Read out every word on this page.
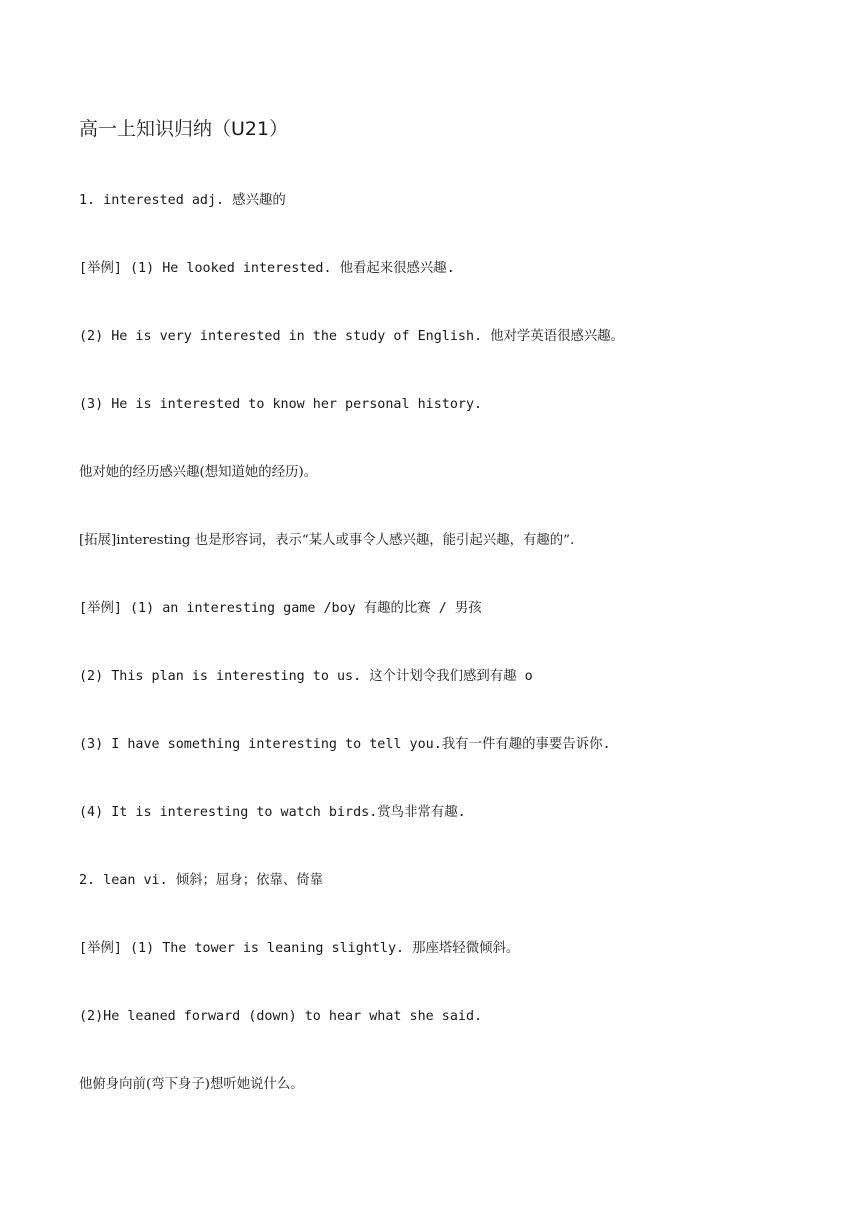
高一上知识归纳（U21）
1. interested adj. 感兴趣的
[举例] (1) He looked interested. 他看起来很感兴趣.
(2) He is very interested in the study of English. 他对学英语很感兴趣。
(3) He is interested to know her personal history.
他对她的经历感兴趣(想知道她的经历)。
[拓展]interesting 也是形容词，表示“某人或事令人感兴趣，能引起兴趣，有趣的”.
[举例] (1) an interesting game /boy 有趣的比赛 / 男孩
(2) This plan is interesting to us. 这个计划令我们感到有趣 o
(3) I have something interesting to tell you.我有一件有趣的事要告诉你.
(4) It is interesting to watch birds.赏鸟非常有趣.
2. lean vi. 倾斜；屈身；依靠、倚靠
[举例] (1) The tower is leaning slightly. 那座塔轻微倾斜。
(2)He leaned forward (down) to hear what she said.
他俯身向前(弯下身子)想听她说什么。
